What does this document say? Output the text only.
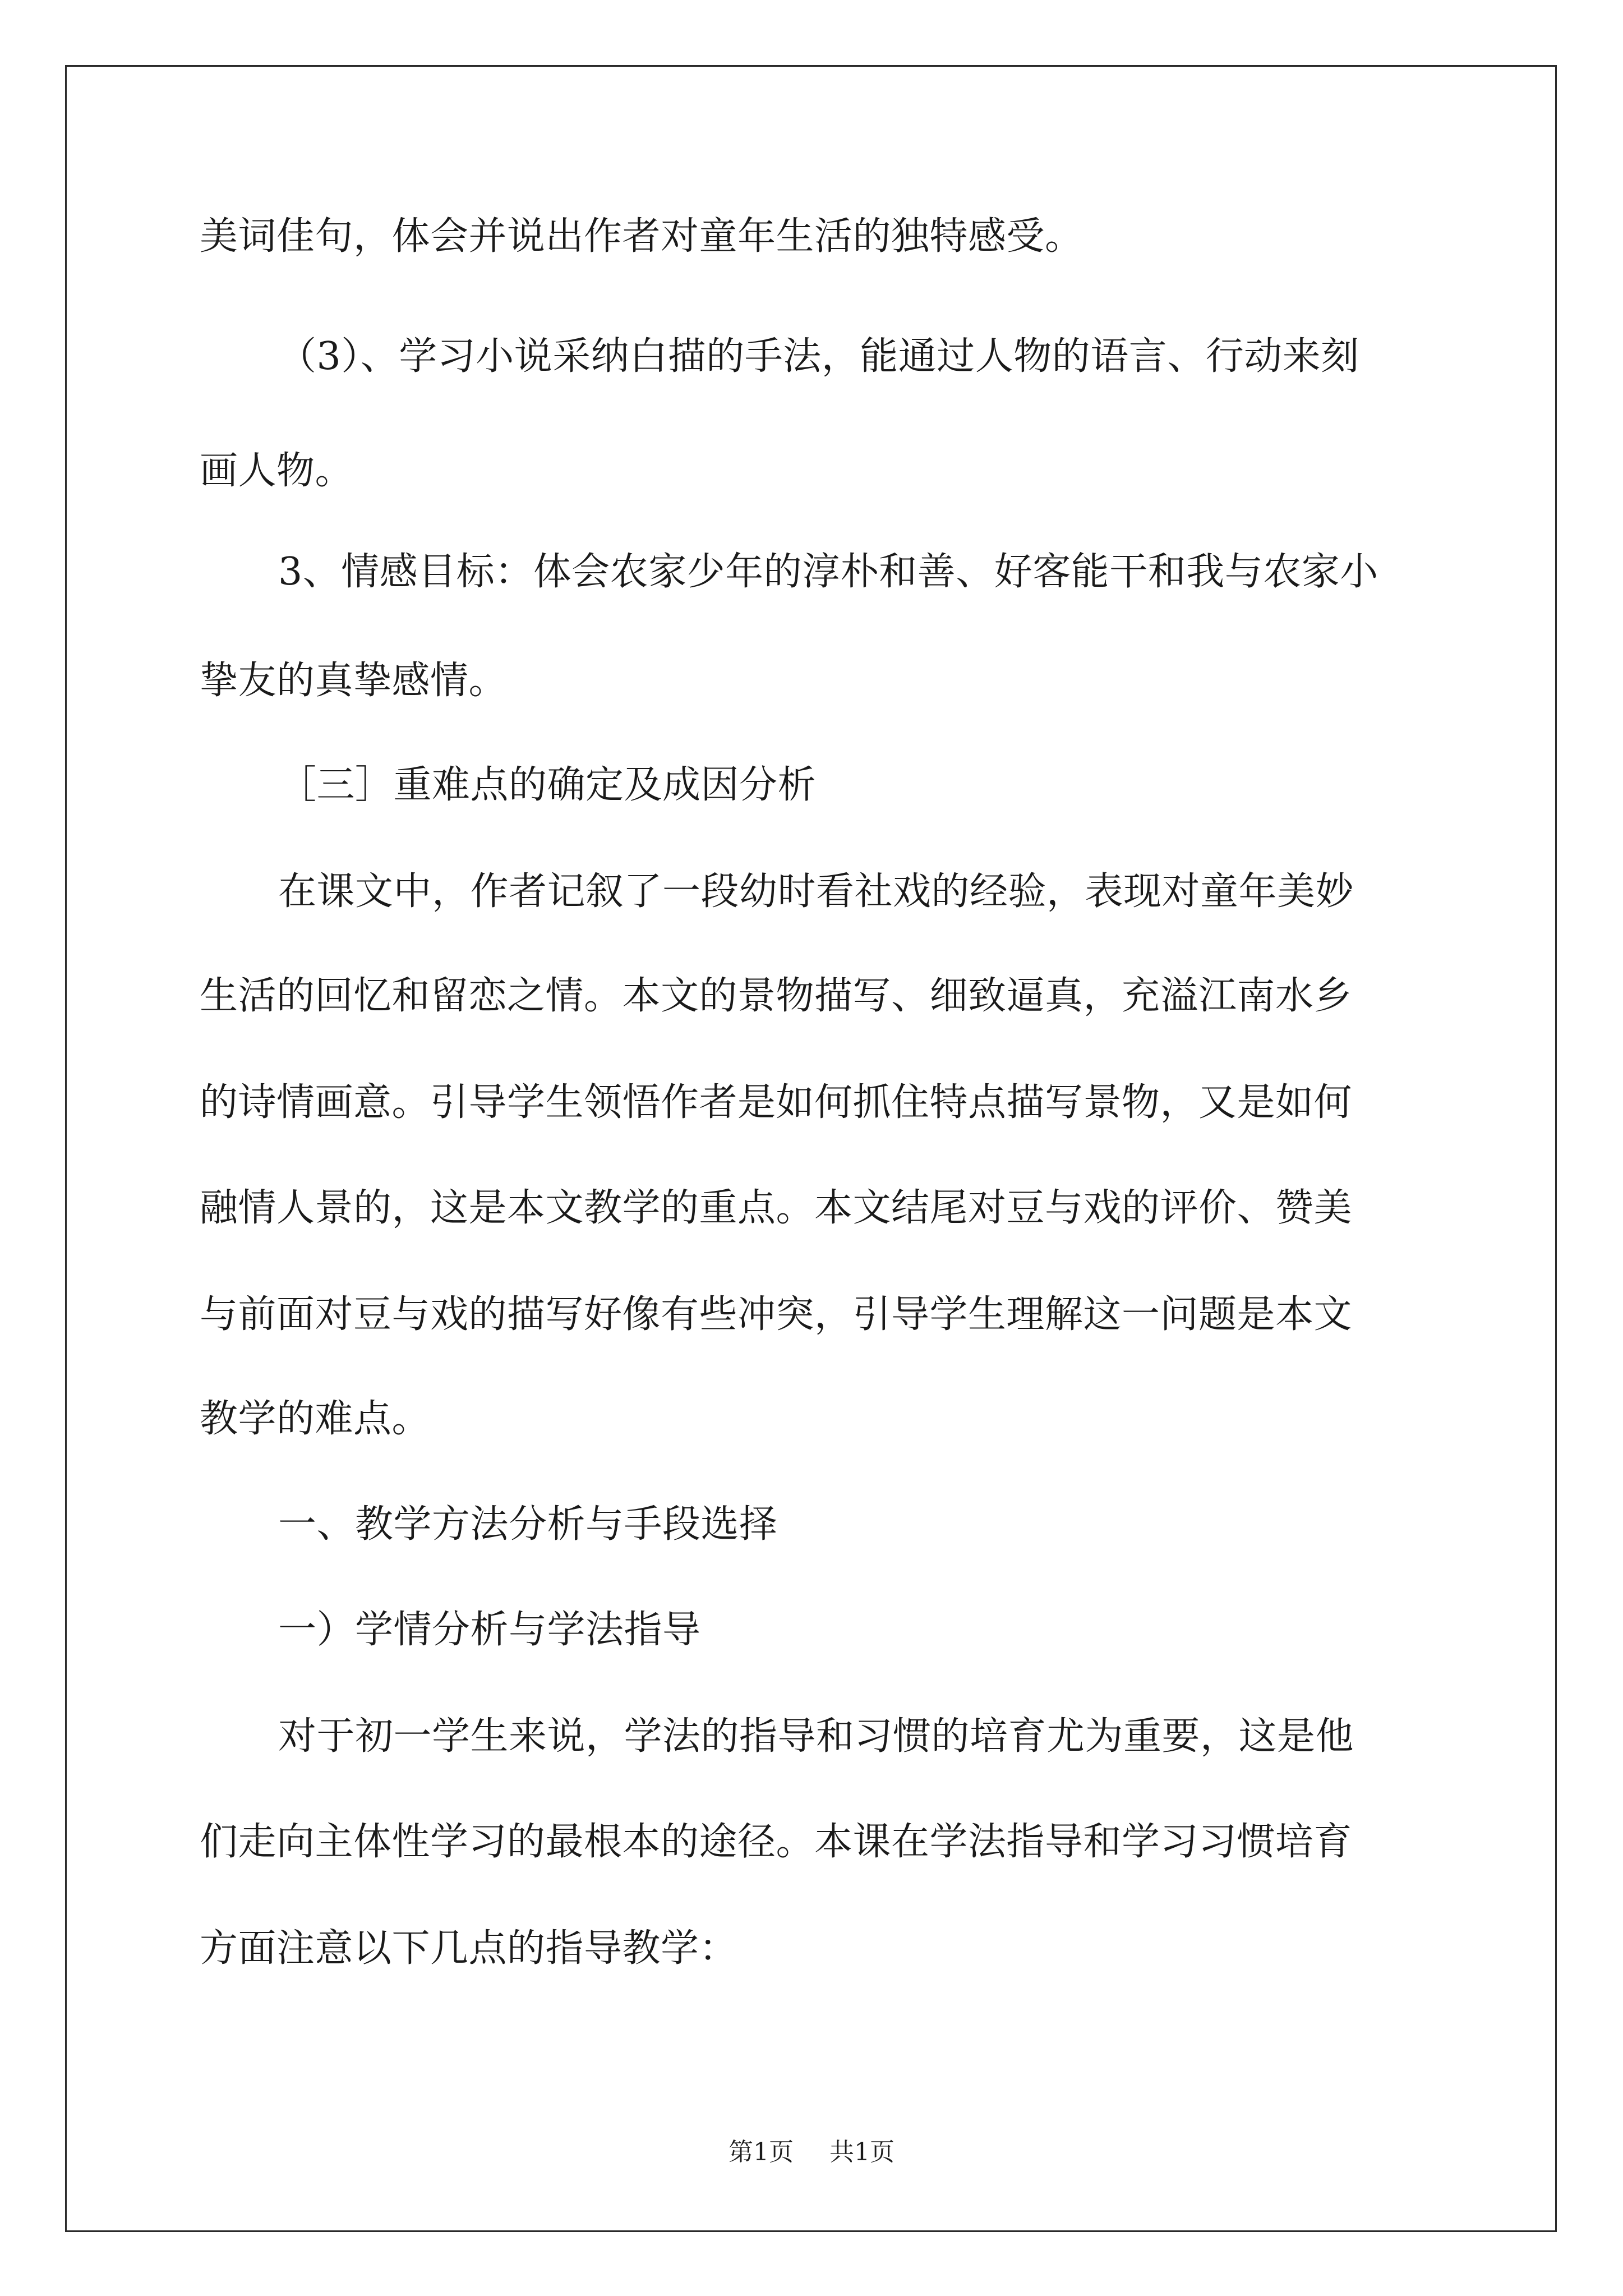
美词佳句，体会并说出作者对童年生活的独特感受。
（3）、学习小说采纳白描的手法，能通过人物的语言、行动来刻
画人物。
3、情感目标：体会农家少年的淳朴和善、好客能干和我与农家小
挚友的真挚感情。
［三］重难点的确定及成因分析
在课文中，作者记叙了一段幼时看社戏的经验，表现对童年美妙
生活的回忆和留恋之情。本文的景物描写、细致逼真，充溢江南水乡
的诗情画意。引导学生领悟作者是如何抓住特点描写景物，又是如何
融情人景的，这是本文教学的重点。本文结尾对豆与戏的评价、赞美
与前面对豆与戏的描写好像有些冲突，引导学生理解这一问题是本文
教学的难点。
一、教学方法分析与手段选择
一）学情分析与学法指导
对于初一学生来说，学法的指导和习惯的培育尤为重要，这是他
们走向主体性学习的最根本的途径。本课在学法指导和学习习惯培育
方面注意以下几点的指导教学：
第1页 共1页
